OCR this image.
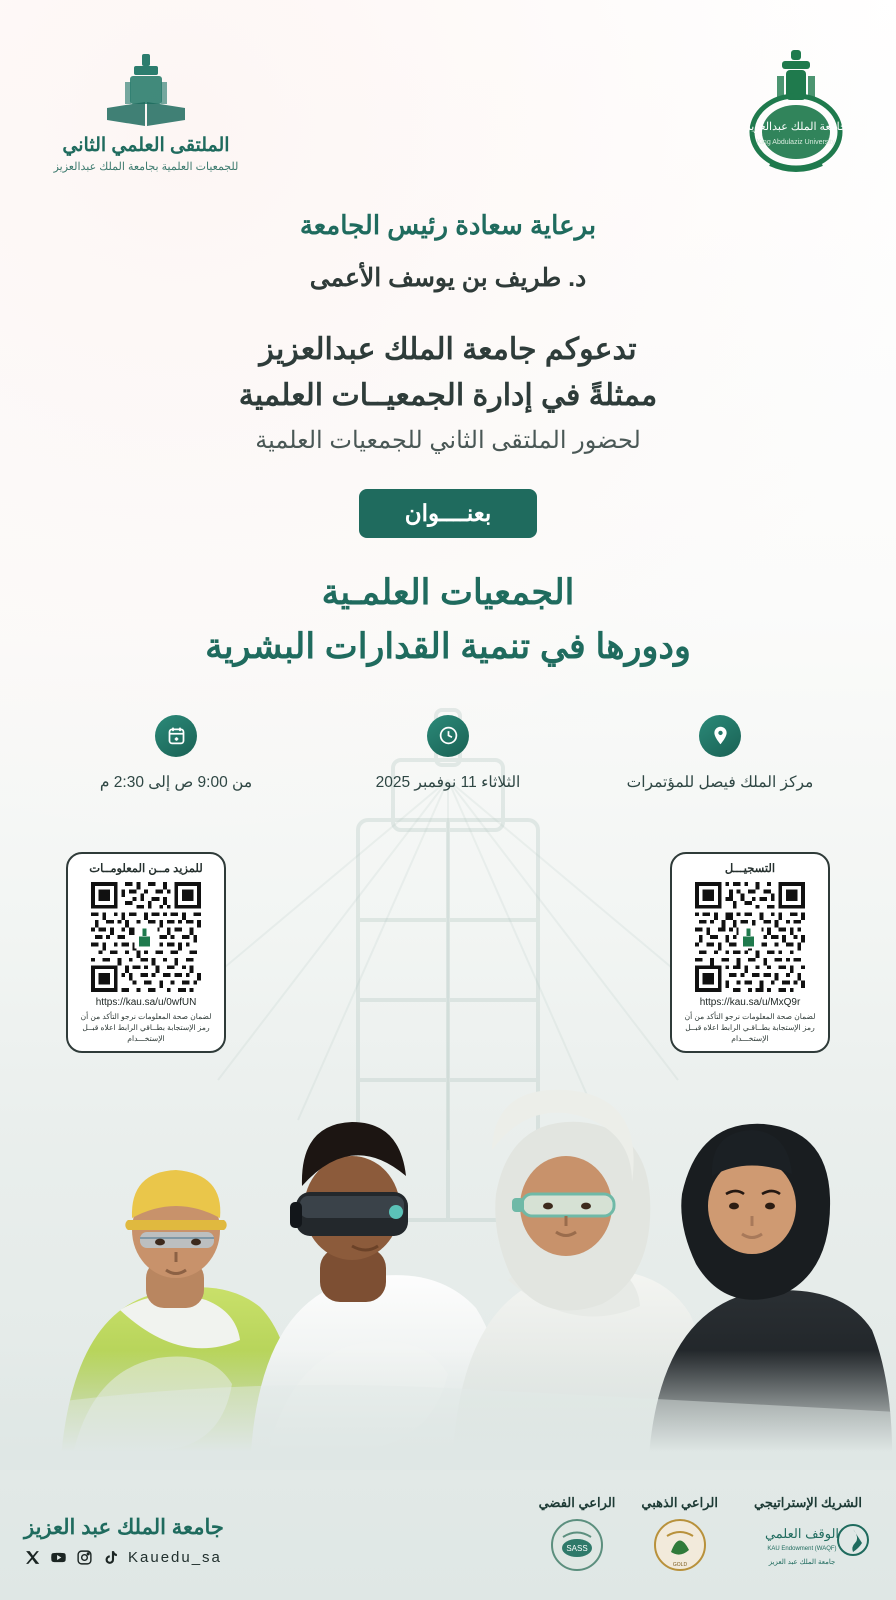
الملتقى العلمي الثاني
للجمعيات العلمية بجامعة الملك عبدالعزيز
جامعة الملك عبدالعزيز
King Abdulaziz University
برعاية سعادة رئيس الجامعة
د. طريف بن يوسف الأعمى
تدعوكم جامعة الملك عبدالعزيز
ممثلةً في إدارة الجمعيــات العلمية
لحضور الملتقى الثاني للجمعيات العلمية
بعنــــوان
الجمعيات العلمـية
ودورها في تنمية القدارات البشرية
مركز الملك فيصل للمؤتمرات
الثلاثاء 11 نوفمبر 2025
من 9:00 ص إلى 2:30 م
التسجيـــل
https://kau.sa/u/MxQ9r
لضمان صحة المعلومات نرجو التأكد من أن رمز الإستجابة بطــاقـي الرابط اعلاه قبــل الإستخـــدام
للمزيد مــن المعلومــات
https://kau.sa/u/0wfUN
لضمان صحة المعلومات نرجو التأكد من أن رمز الإستجابة بطــاقي الرابط اعلاه قبــل الإستخـــدام
الشريك الإستراتيجي
الوقف العلمي
KAU Endowment (WAQF)
جامعة الملك عبد العزيز
الراعي الذهبي
GOLD
الراعي الفضي
SASS
جامعة الملك عبد العزيز
Kauedu_sa
